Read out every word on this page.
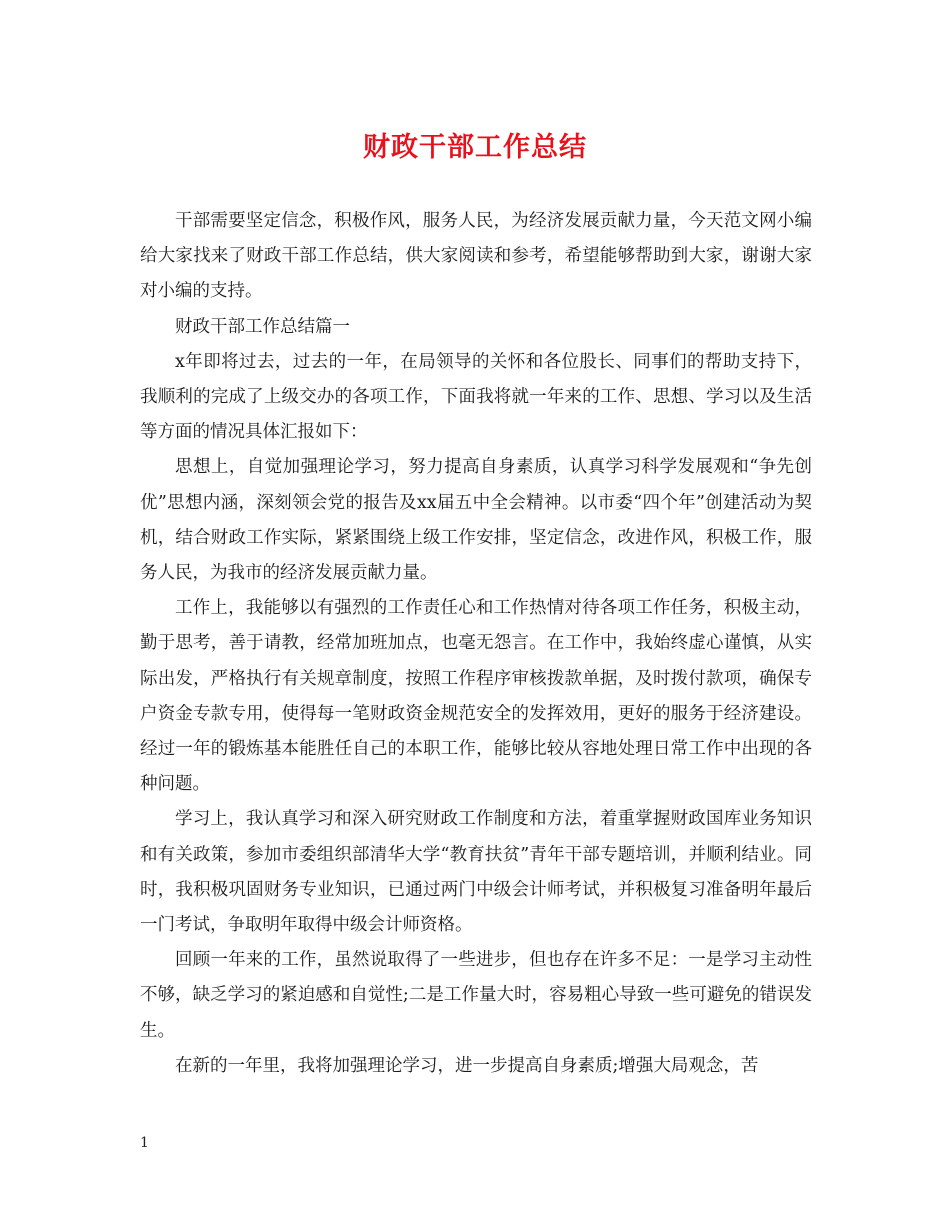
财政干部工作总结

干部需要坚定信念，积极作风，服务人民，为经济发展贡献力量，今天范文网小编给大家找来了财政干部工作总结，供大家阅读和参考，希望能够帮助到大家，谢谢大家对小编的支持。

财政干部工作总结篇一

x年即将过去，过去的一年，在局领导的关怀和各位股长、同事们的帮助支持下，我顺利的完成了上级交办的各项工作，下面我将就一年来的工作、思想、学习以及生活等方面的情况具体汇报如下：

思想上，自觉加强理论学习，努力提高自身素质，认真学习科学发展观和“争先创优”思想内涵，深刻领会党的报告及xx届五中全会精神。以市委“四个年”创建活动为契机，结合财政工作实际，紧紧围绕上级工作安排，坚定信念，改进作风，积极工作，服务人民，为我市的经济发展贡献力量。

工作上，我能够以有强烈的工作责任心和工作热情对待各项工作任务，积极主动，勤于思考，善于请教，经常加班加点，也毫无怨言。在工作中，我始终虚心谨慎，从实际出发，严格执行有关规章制度，按照工作程序审核拨款单据，及时拨付款项，确保专户资金专款专用，使得每一笔财政资金规范安全的发挥效用，更好的服务于经济建设。经过一年的锻炼基本能胜任自己的本职工作，能够比较从容地处理日常工作中出现的各种问题。

学习上，我认真学习和深入研究财政工作制度和方法，着重掌握财政国库业务知识和有关政策，参加市委组织部清华大学“教育扶贫”青年干部专题培训，并顺利结业。同时，我积极巩固财务专业知识，已通过两门中级会计师考试，并积极复习准备明年最后一门考试，争取明年取得中级会计师资格。

回顾一年来的工作，虽然说取得了一些进步，但也存在许多不足：一是学习主动性不够，缺乏学习的紧迫感和自觉性;二是工作量大时，容易粗心导致一些可避免的错误发生。

在新的一年里，我将加强理论学习，进一步提高自身素质;增强大局观念，苦

1
